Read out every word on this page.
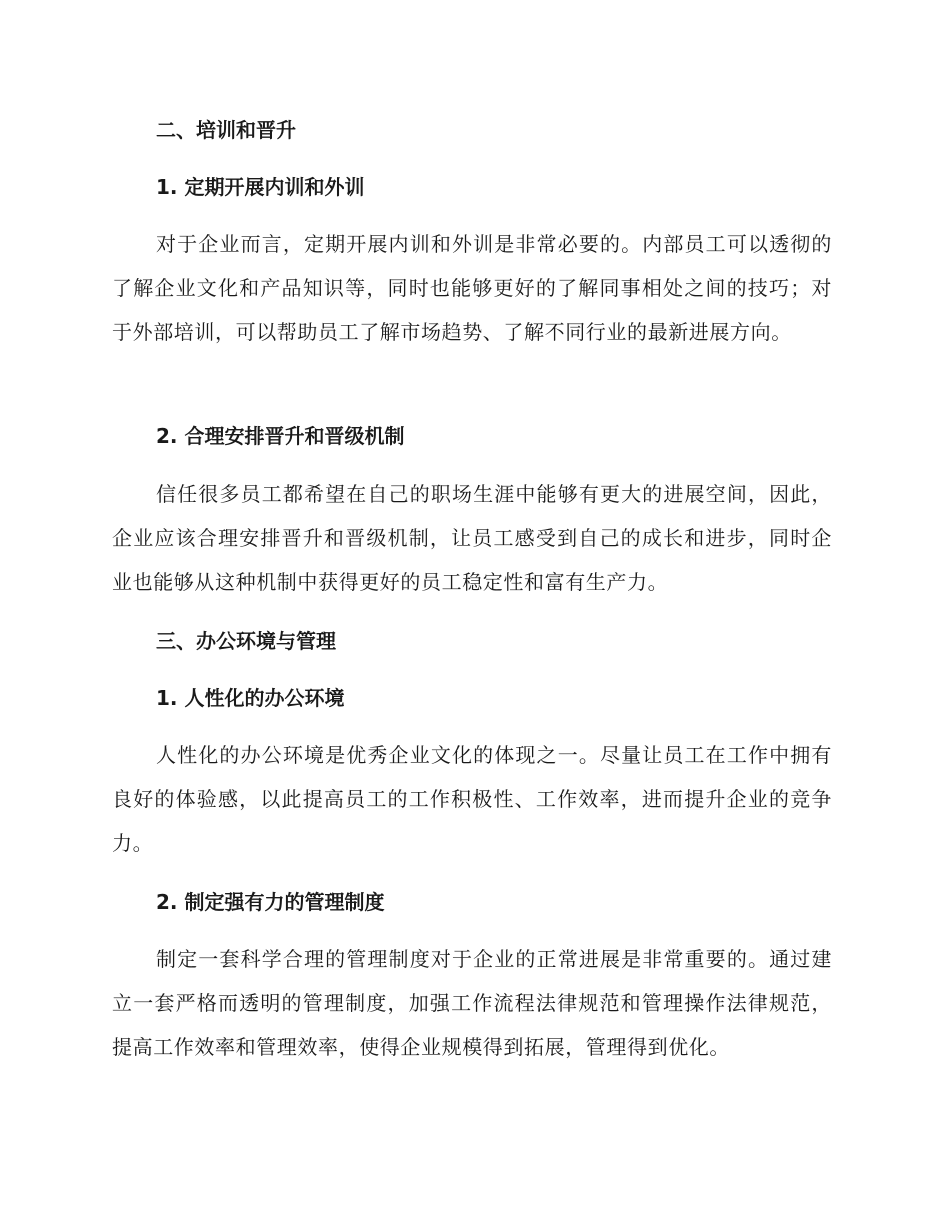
二、培训和晋升
1. 定期开展内训和外训
对于企业而言，定期开展内训和外训是非常必要的。内部员工可以透彻的了解企业文化和产品知识等，同时也能够更好的了解同事相处之间的技巧；对于外部培训，可以帮助员工了解市场趋势、了解不同行业的最新进展方向。
2. 合理安排晋升和晋级机制
信任很多员工都希望在自己的职场生涯中能够有更大的进展空间，因此，企业应该合理安排晋升和晋级机制，让员工感受到自己的成长和进步，同时企业也能够从这种机制中获得更好的员工稳定性和富有生产力。
三、办公环境与管理
1. 人性化的办公环境
人性化的办公环境是优秀企业文化的体现之一。尽量让员工在工作中拥有良好的体验感，以此提高员工的工作积极性、工作效率，进而提升企业的竞争力。
2. 制定强有力的管理制度
制定一套科学合理的管理制度对于企业的正常进展是非常重要的。通过建立一套严格而透明的管理制度，加强工作流程法律规范和管理操作法律规范，提高工作效率和管理效率，使得企业规模得到拓展，管理得到优化。
